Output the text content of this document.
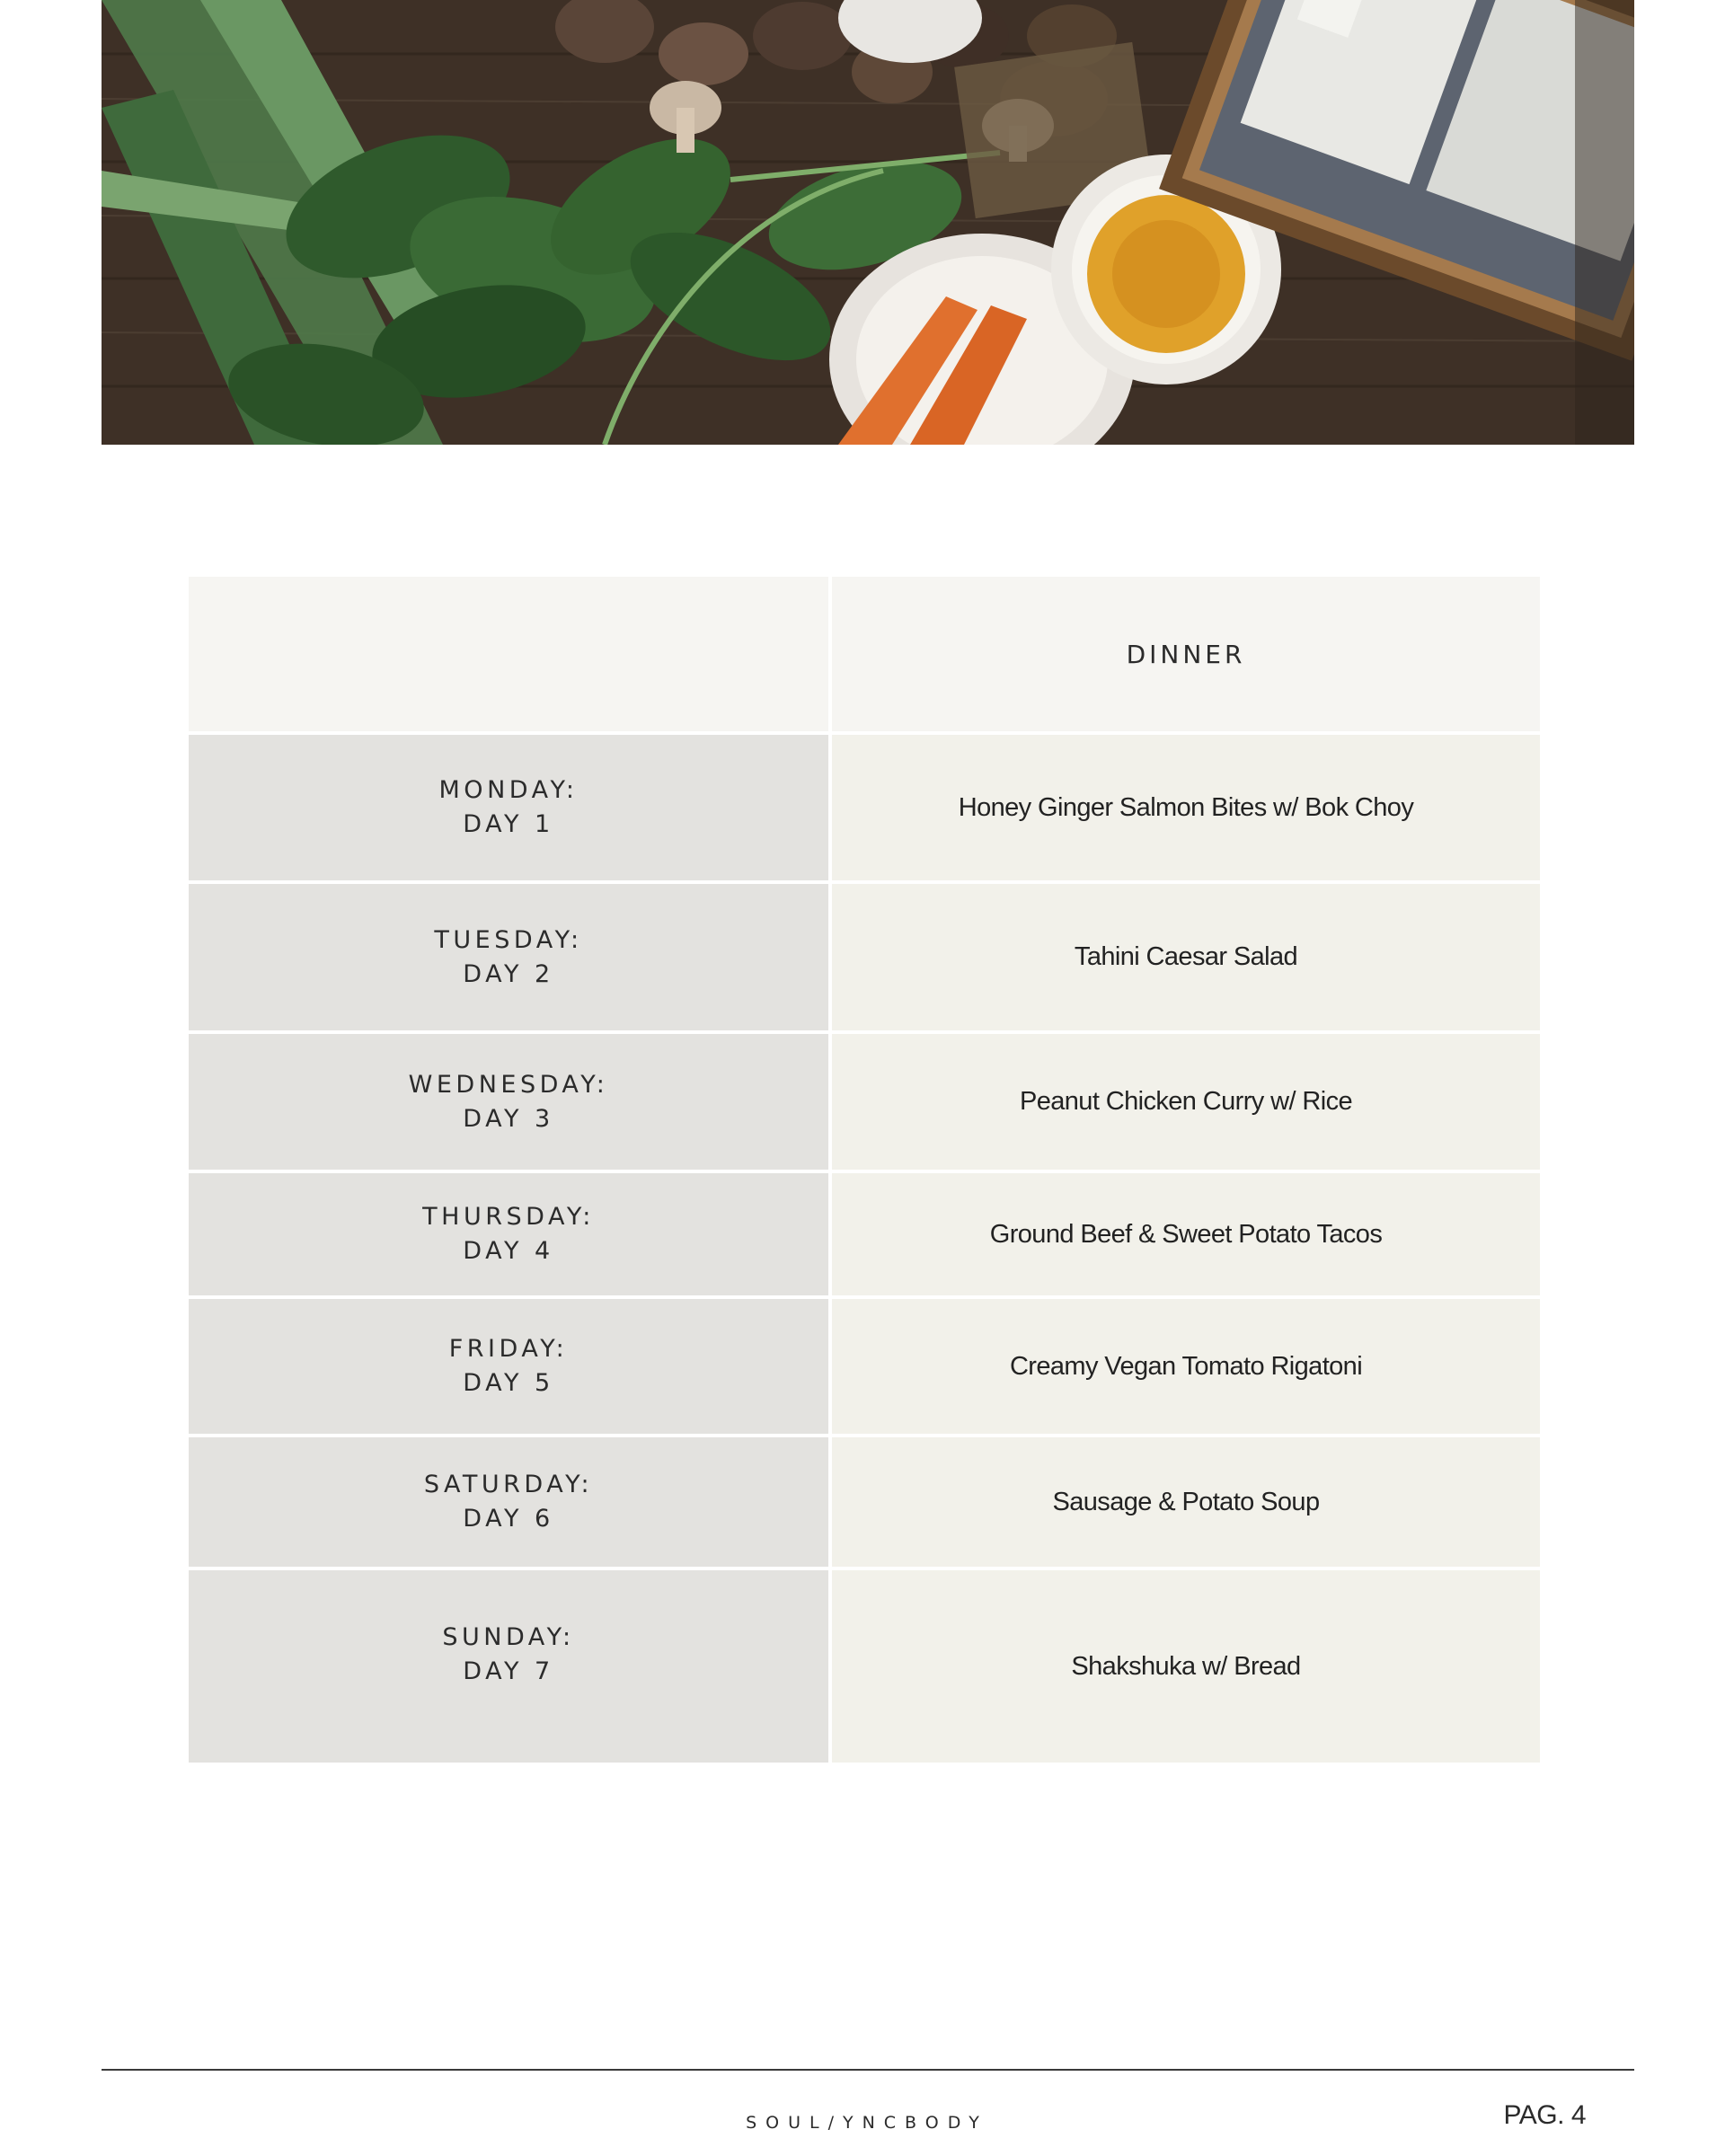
DINNER
MONDAY:
DAY 1
Honey Ginger Salmon Bites w/ Bok Choy
TUESDAY:
DAY 2
Tahini Caesar Salad
WEDNESDAY:
DAY 3
Peanut Chicken Curry w/ Rice
THURSDAY:
DAY 4
Ground Beef & Sweet Potato Tacos
FRIDAY:
DAY 5
Creamy Vegan Tomato Rigatoni
SATURDAY:
DAY 6
Sausage & Potato Soup
SUNDAY:
DAY 7	Shakshuka w/ Bread
SOUL/YNCBODY	PAG. 4
